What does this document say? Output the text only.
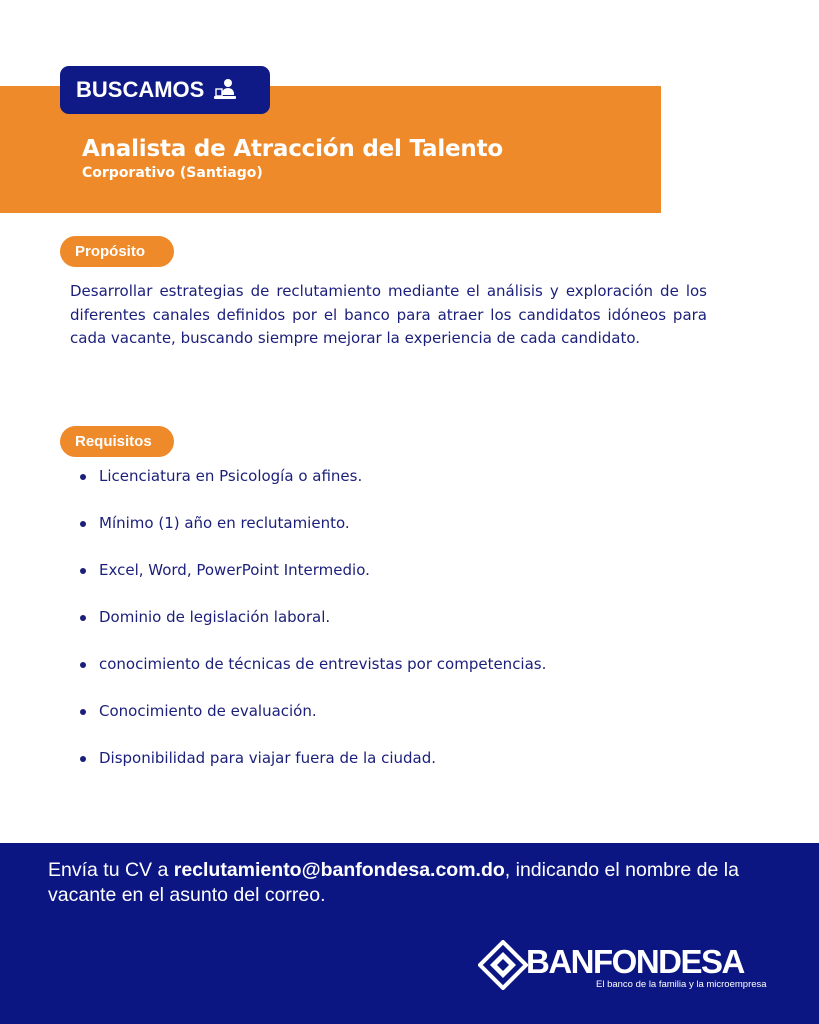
BUSCAMOS
Analista de Atracción del Talento
Corporativo (Santiago)
Propósito

Desarrollar estrategias de reclutamiento mediante el análisis y exploración de los diferentes canales definidos por el banco para atraer los candidatos idóneos para cada vacante, buscando siempre mejorar la experiencia de cada candidato.

Requisitos
Licenciatura en Psicología o afines.
Mínimo (1) año en reclutamiento.
Excel, Word, PowerPoint Intermedio.
Dominio de legislación laboral.
conocimiento de técnicas de entrevistas por competencias.
Conocimiento de evaluación.
Disponibilidad para viajar fuera de la ciudad.

Envía tu CV a reclutamiento@banfondesa.com.do, indicando el nombre de la vacante en el asunto del correo.

BANFONDESA
El banco de la familia y la microempresa
